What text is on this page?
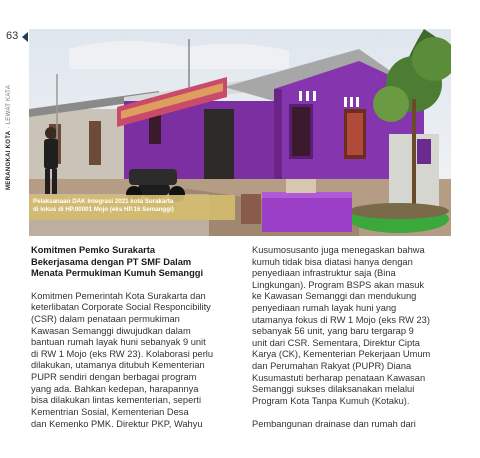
63
MERANGKAI KOTA · LEWAT KATA
Pelaksanaan DAK Integrasi 2021 kota Surakarta
di lokus di HP.00001 Mojo (eks HP.16 Semanggi)
Komitmen Pemko Surakarta
Bekerjasama dengan PT SMF Dalam
Menata Permukiman Kumuh Semanggi
Komitmen Pemerintah Kota Surakarta dan
keterlibatan Corporate Social Responcibility
(CSR) dalam penataan permukiman
Kawasan Semanggi diwujudkan dalam
bantuan rumah layak huni sebanyak 9 unit
di RW 1 Mojo (eks RW 23). Kolaborasi perlu
dilakukan, utamanya ditubuh Kementerian
PUPR sendiri dengan berbagai program
yang ada. Bahkan kedepan, harapannya
bisa dilakukan lintas kementerian, seperti
Kementrian Sosial, Kementerian Desa
dan Kemenko PMK. Direktur PKP, Wahyu
Kusumosusanto juga menegaskan bahwa
kumuh tidak bisa diatasi hanya dengan
penyediaan infrastruktur saja (Bina
Lingkungan). Program BSPS akan masuk
ke Kawasan Semanggi dan mendukung
penyediaan rumah layak huni yang
utamanya fokus di RW 1 Mojo (eks RW 23)
sebanyak 56 unit, yang baru tergarap 9
unit dari CSR. Sementara, Direktur Cipta
Karya (CK), Kementerian Pekerjaan Umum
dan Perumahan Rakyat (PUPR) Diana
Kusumastuti berharap penataan Kawasan
Semanggi sukses dilaksanakan melalui
Program Kota Tanpa Kumuh (Kotaku).
Pembangunan drainase dan rumah dari
